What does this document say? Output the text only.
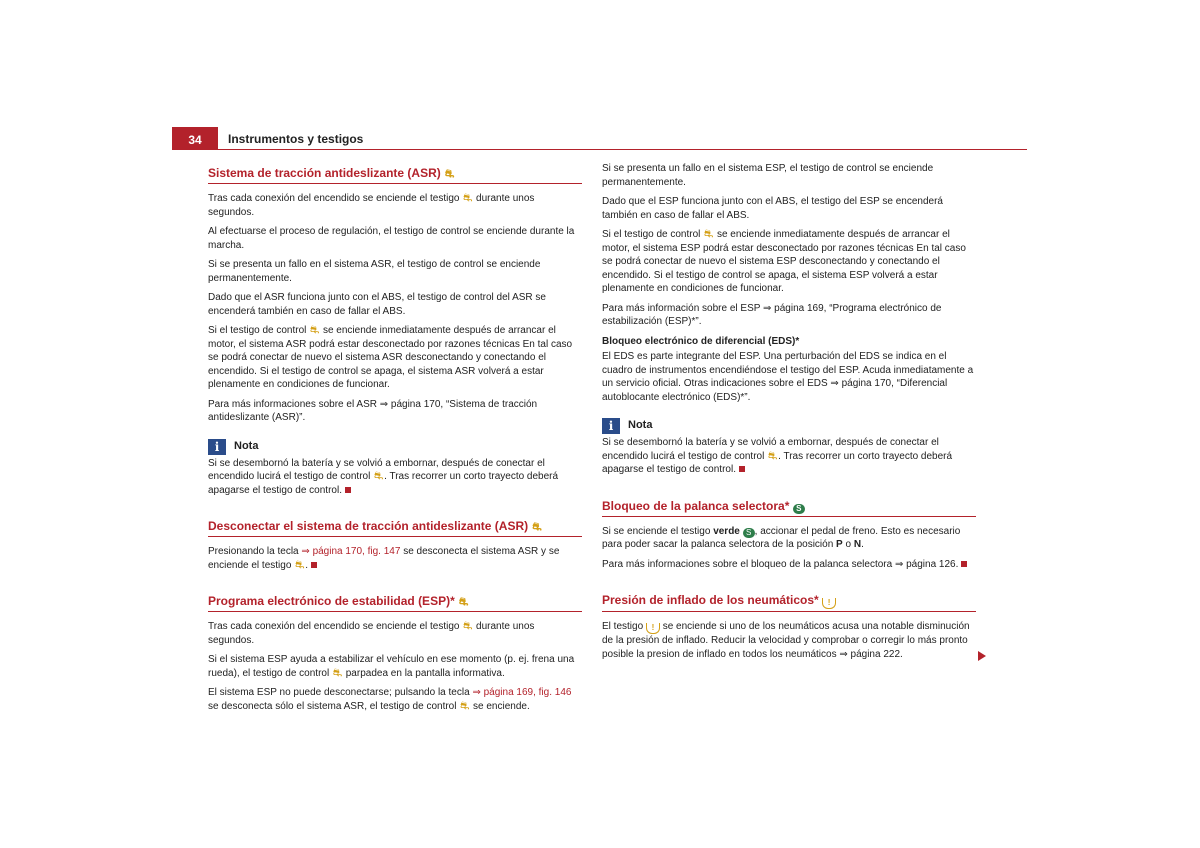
34	Instrumentos y testigos
Sistema de tracción antideslizante (ASR) ⛐

Tras cada conexión del encendido se enciende el testigo ⛐ durante unos segundos.

Al efectuarse el proceso de regulación, el testigo de control se enciende durante la marcha.

Si se presenta un fallo en el sistema ASR, el testigo de control se enciende permanentemente.

Dado que el ASR funciona junto con el ABS, el testigo de control del ASR se encenderá también en caso de fallar el ABS.

Si el testigo de control ⛐ se enciende inmediatamente después de arrancar el motor, el sistema ASR podrá estar desconectado por razones técnicas En tal caso se podrá conectar de nuevo el sistema ASR desconectando y conectando el encendido. Si el testigo de control se apaga, el sistema ASR volverá a estar plenamente en condiciones de funcionar.

Para más informaciones sobre el ASR ⇒ página 170, “Sistema de tracción antideslizante (ASR)”.

i	Nota

Si se desembornó la batería y se volvió a embornar, después de conectar el encendido lucirá el testigo de control ⛐. Tras recorrer un corto trayecto deberá apagarse el testigo de control.

Desconectar el sistema de tracción antideslizante (ASR) ⛐

Presionando la tecla ⇒ página 170, fig. 147 se desconecta el sistema ASR y se enciende el testigo ⛐.

Programa electrónico de estabilidad (ESP)* ⛐

Tras cada conexión del encendido se enciende el testigo ⛐ durante unos segundos.

Si el sistema ESP ayuda a estabilizar el vehículo en ese momento (p. ej. frena una rueda), el testigo de control ⛐ parpadea en la pantalla informativa.

El sistema ESP no puede desconectarse; pulsando la tecla ⇒ página 169, fig. 146 se desconecta sólo el sistema ASR, el testigo de control ⛐ se enciende.

Si se presenta un fallo en el sistema ESP, el testigo de control se enciende permanentemente.

Dado que el ESP funciona junto con el ABS, el testigo del ESP se encenderá también en caso de fallar el ABS.

Si el testigo de control ⛐ se enciende inmediatamente después de arrancar el motor, el sistema ESP podrá estar desconectado por razones técnicas En tal caso se podrá conectar de nuevo el sistema ESP desconectando y conectando el encendido. Si el testigo de control se apaga, el sistema ESP volverá a estar plenamente en condiciones de funcionar.

Para más información sobre el ESP ⇒ página 169, “Programa electrónico de estabilización (ESP)*”.

Bloqueo electrónico de diferencial (EDS)*

El EDS es parte integrante del ESP. Una perturbación del EDS se indica en el cuadro de instrumentos encendiéndose el testigo del ESP. Acuda inmediatamente a un servicio oficial. Otras indicaciones sobre el EDS ⇒ página 170, “Diferencial autoblocante electrónico (EDS)*”.

i	Nota

Si se desembornó la batería y se volvió a embornar, después de conectar el encendido lucirá el testigo de control ⛐. Tras recorrer un corto trayecto deberá apagarse el testigo de control.

Bloqueo de la palanca selectora* S

Si se enciende el testigo verde S , accionar el pedal de freno. Esto es necesario para poder sacar la palanca selectora de la posición P o N.

Para más informaciones sobre el bloqueo de la palanca selectora ⇒ página 126.

Presión de inflado de los neumáticos* !

El testigo ! se enciende si uno de los neumáticos acusa una notable disminución de la presión de inflado. Reducir la velocidad y comprobar o corregir lo más pronto posible la presion de inflado en todos los neumáticos ⇒ página 222.
